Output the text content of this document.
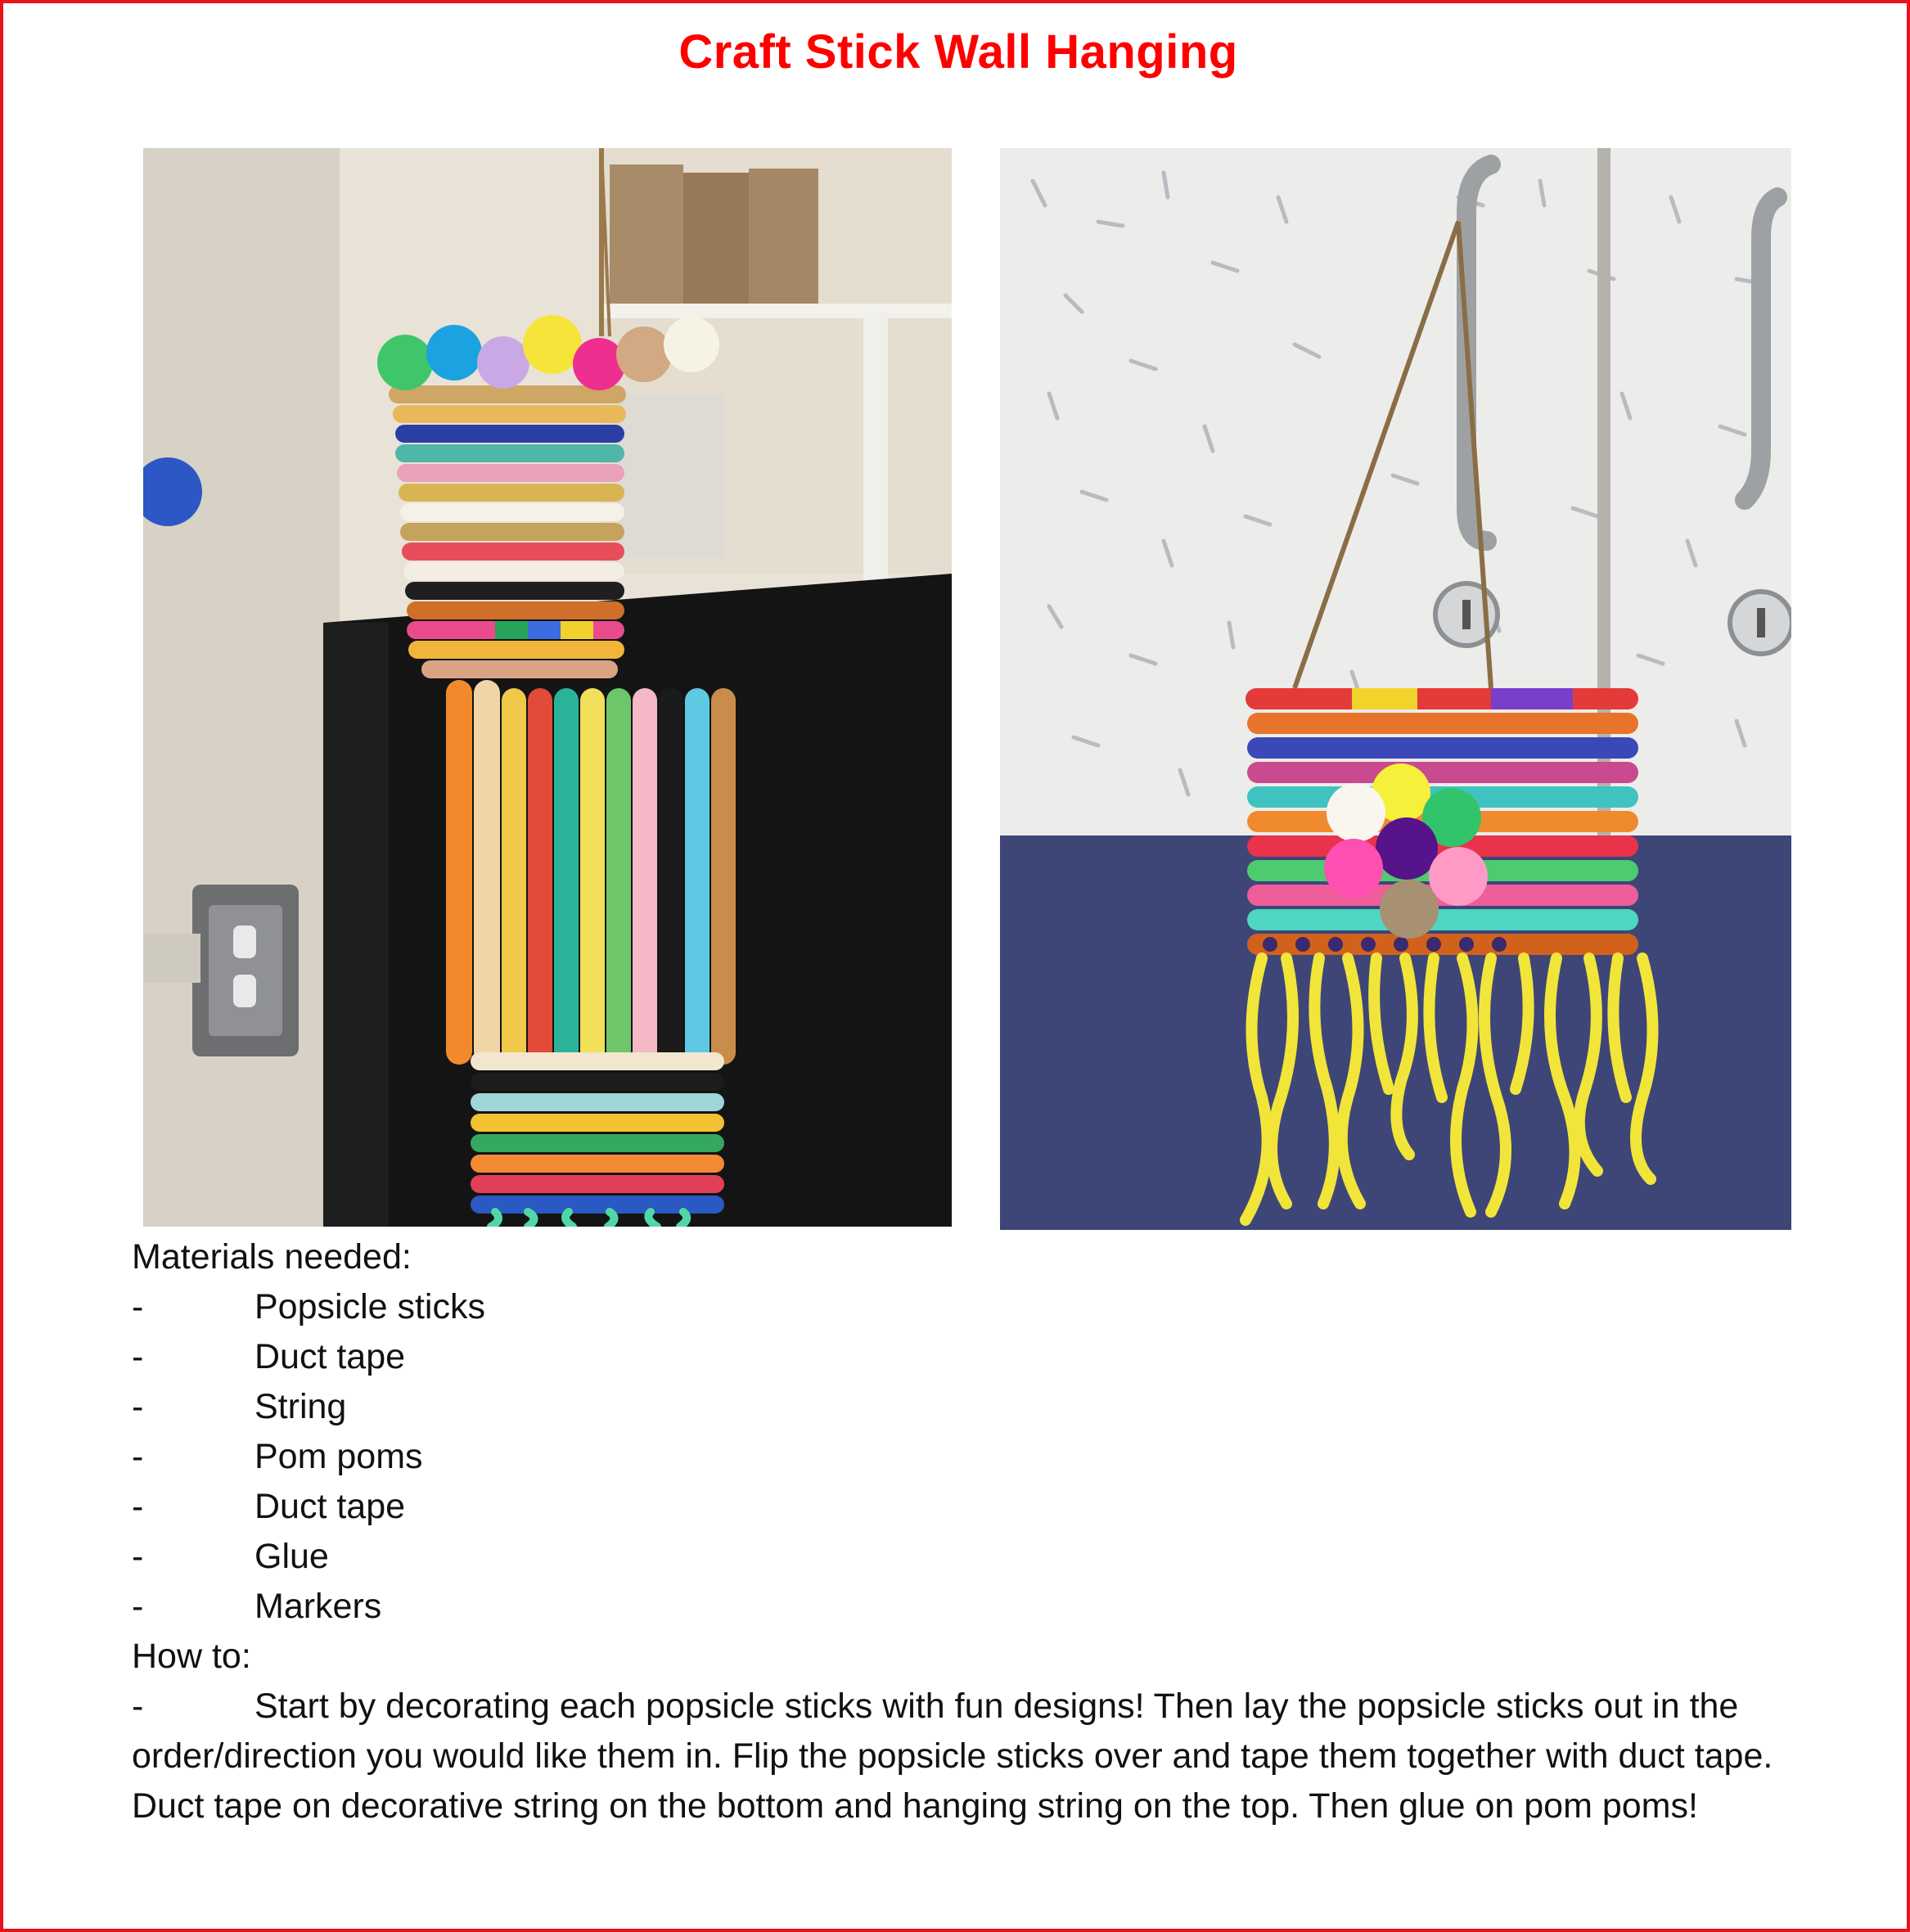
Craft Stick Wall Hanging
Materials needed:
-	Popsicle sticks
-	Duct tape
-	String
-	Pom poms
-	Duct tape
-	Glue
-	Markers
How to:
-	Start by decorating each popsicle sticks with fun designs! Then lay the popsicle sticks out in the order/direction you would like them in. Flip the popsicle sticks over and tape them together with duct tape. Duct tape on decorative string on the bottom and hanging string on the top. Then glue on pom poms!
